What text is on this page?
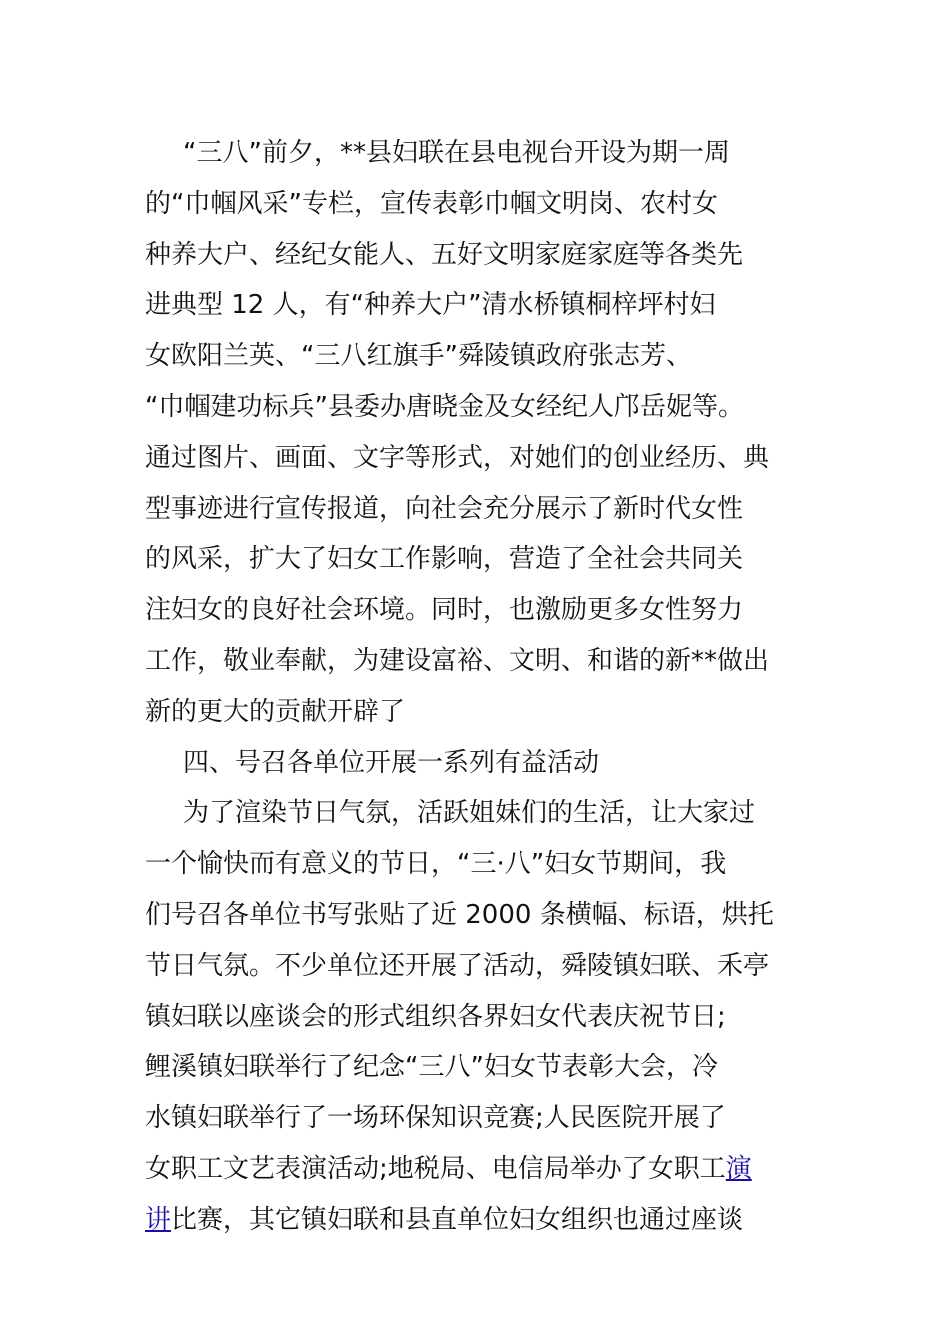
“三八”前夕，**县妇联在县电视台开设为期一周
的“巾帼风采”专栏，宣传表彰巾帼文明岗、农村女
种养大户、经纪女能人、五好文明家庭家庭等各类先
进典型 12 人，有“种养大户”清水桥镇桐梓坪村妇
女欧阳兰英、“三八红旗手”舜陵镇政府张志芳、
“巾帼建功标兵”县委办唐晓金及女经纪人邝岳妮等。
通过图片、画面、文字等形式，对她们的创业经历、典
型事迹进行宣传报道，向社会充分展示了新时代女性
的风采，扩大了妇女工作影响，营造了全社会共同关
注妇女的良好社会环境。同时，也激励更多女性努力
工作，敬业奉献，为建设富裕、文明、和谐的新**做出
新的更大的贡献开辟了
四、号召各单位开展一系列有益活动
为了渲染节日气氛，活跃姐妹们的生活，让大家过
一个愉快而有意义的节日，“三·八”妇女节期间，我
们号召各单位书写张贴了近 2000 条横幅、标语，烘托
节日气氛。不少单位还开展了活动，舜陵镇妇联、禾亭
镇妇联以座谈会的形式组织各界妇女代表庆祝节日;
鲤溪镇妇联举行了纪念“三八”妇女节表彰大会，冷
水镇妇联举行了一场环保知识竞赛;人民医院开展了
女职工文艺表演活动;地税局、电信局举办了女职工演
讲比赛，其它镇妇联和县直单位妇女组织也通过座谈
